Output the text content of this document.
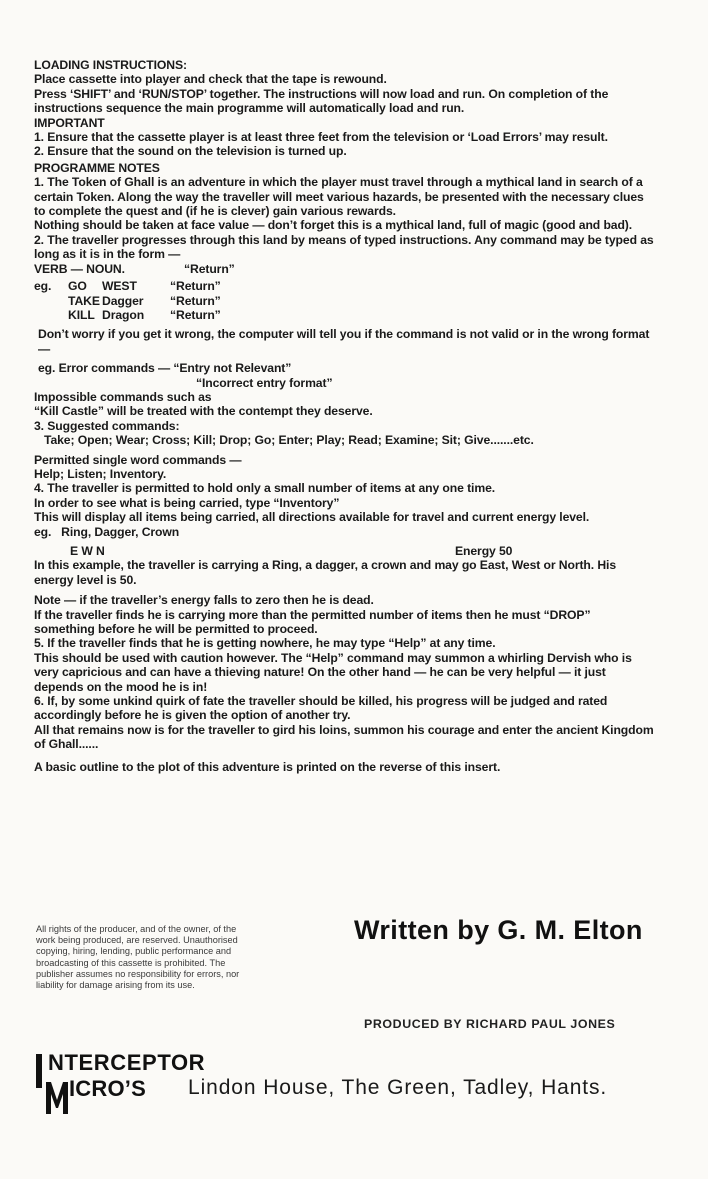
LOADING INSTRUCTIONS:

Place cassette into player and check that the tape is rewound.

Press ‘SHIFT’ and ‘RUN/STOP’ together. The instructions will now load and run. On completion of the instructions sequence the main programme will automatically load and run.

IMPORTANT

1. Ensure that the cassette player is at least three feet from the television or ‘Load Errors’ may result.

2. Ensure that the sound on the television is turned up.

PROGRAMME NOTES

1. The Token of Ghall is an adventure in which the player must travel through a mythical land in search of a certain Token. Along the way the traveller will meet various hazards, be presented with the necessary clues to complete the quest and (if he is clever) gain various rewards.

Nothing should be taken at face value — don’t forget this is a mythical land, full of magic (good and bad).

2. The traveller progresses through this land by means of typed instructions. Any command may be typed as long as it is in the form —

VERB — NOUN.	“Return”
eg.	GO	WEST	“Return”
TAKE Dagger	“Return”
KILL Dragon	“Return”

Don’t worry if you get it wrong, the computer will tell you if the command is not valid or in the wrong format —

eg. Error commands — “Entry not Relevant”

“Incorrect entry format”

Impossible commands such as

“Kill Castle” will be treated with the contempt they deserve.

3. Suggested commands:

Take; Open; Wear; Cross; Kill; Drop; Go; Enter; Play; Read; Examine; Sit; Give.......etc.

Permitted single word commands —

Help; Listen; Inventory.

4. The traveller is permitted to hold only a small number of items at any one time.

In order to see what is being carried, type “Inventory”

This will display all items being carried, all directions available for travel and current energy level.

eg.   Ring, Dagger, Crown

E W N	Energy 50

In this example, the traveller is carrying a Ring, a dagger, a crown and may go East, West or North. His energy level is 50.

Note — if the traveller’s energy falls to zero then he is dead.

If the traveller finds he is carrying more than the permitted number of items then he must “DROP” something before he will be permitted to proceed.

5. If the traveller finds that he is getting nowhere, he may type “Help” at any time.

This should be used with caution however. The “Help” command may summon a whirling Dervish who is very capricious and can have a thieving nature! On the other hand — he can be very helpful — it just depends on the mood he is in!

6. If, by some unkind quirk of fate the traveller should be killed, his progress will be judged and rated accordingly before he is given the option of another try.

All that remains now is for the traveller to gird his loins, summon his courage and enter the ancient Kingdom of Ghall......

A basic outline to the plot of this adventure is printed on the reverse of this insert.

All rights of the producer, and of the owner, of the work being produced, are reserved. Unauthorised copying, hiring, lending, public performance and broadcasting of this cassette is prohibited. The publisher assumes no responsibility for errors, nor liability for damage arising from its use.
Written by G. M. Elton
PRODUCED BY RICHARD PAUL JONES
NTERCEPTOR
ICRO’S Lindon House, The Green, Tadley, Hants.
